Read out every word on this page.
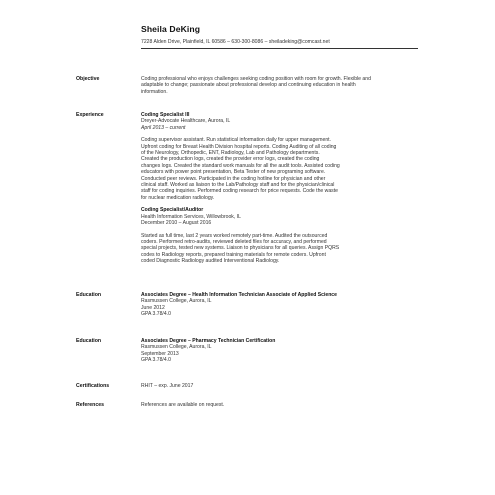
Sheila DeKing
7228 Alden Drive, Plainfield, IL 60586 – 630-300-8086 – sheiladeking@comcast.net
Objective	Coding professional who enjoys challenges seeking coding position with room for growth. Flexible and

adaptable to change; passionate about professional develop and continuing education in health

information.

Experience	Coding Specialist III

Dreyer-Advocate Healthcare, Aurora, IL

April 2013 – current

Coding supervisor assistant. Run statistical information daily for upper management.

Upfront coding for Breast Health Division hospital reports. Coding Auditing of all coding

of the Neurology, Orthopedic, ENT, Radiology, Lab and Pathology departments.

Created the production logs, created the provider error logs, created the coding

changes logs. Created the standard work manuals for all the audit tools. Assisted coding

educators with power point presentation, Beta Tester of new programing software.

Conducted peer reviews. Participated in the coding hotline for physician and other

clinical staff. Worked as liaison to the Lab/Pathology staff and for the physician/clinical

staff for coding inquiries. Performed coding research for price requests. Code the waste

for nuclear medication radiology.

Coding Specialist/Auditor

Health Information Services, Willowbrook, IL

December 2010 – August 2016

Started as full time, last 2 years worked remotely part-time. Audited the outsourced

coders. Performed retro-audits, reviewed deleted files for accuracy, and performed

special projects, tested new systems. Liaison to physicians for all queries. Assign PQRS

codes to Radiology reports, prepared training materials for remote coders. Upfront

coded Diagnostic Radiology audited Interventional Radiology.

Education	Associates Degree – Health Information Technician Associate of Applied Science

Rasmussen College, Aurora, IL

June 2012

GPA 3.78/4.0

Education	Associates Degree – Pharmacy Technician Certification

Rasmussen College, Aurora, IL

September 2013

GPA 3.78/4.0

Certifications	RHIT – exp. June 2017
References	References are available on request.
